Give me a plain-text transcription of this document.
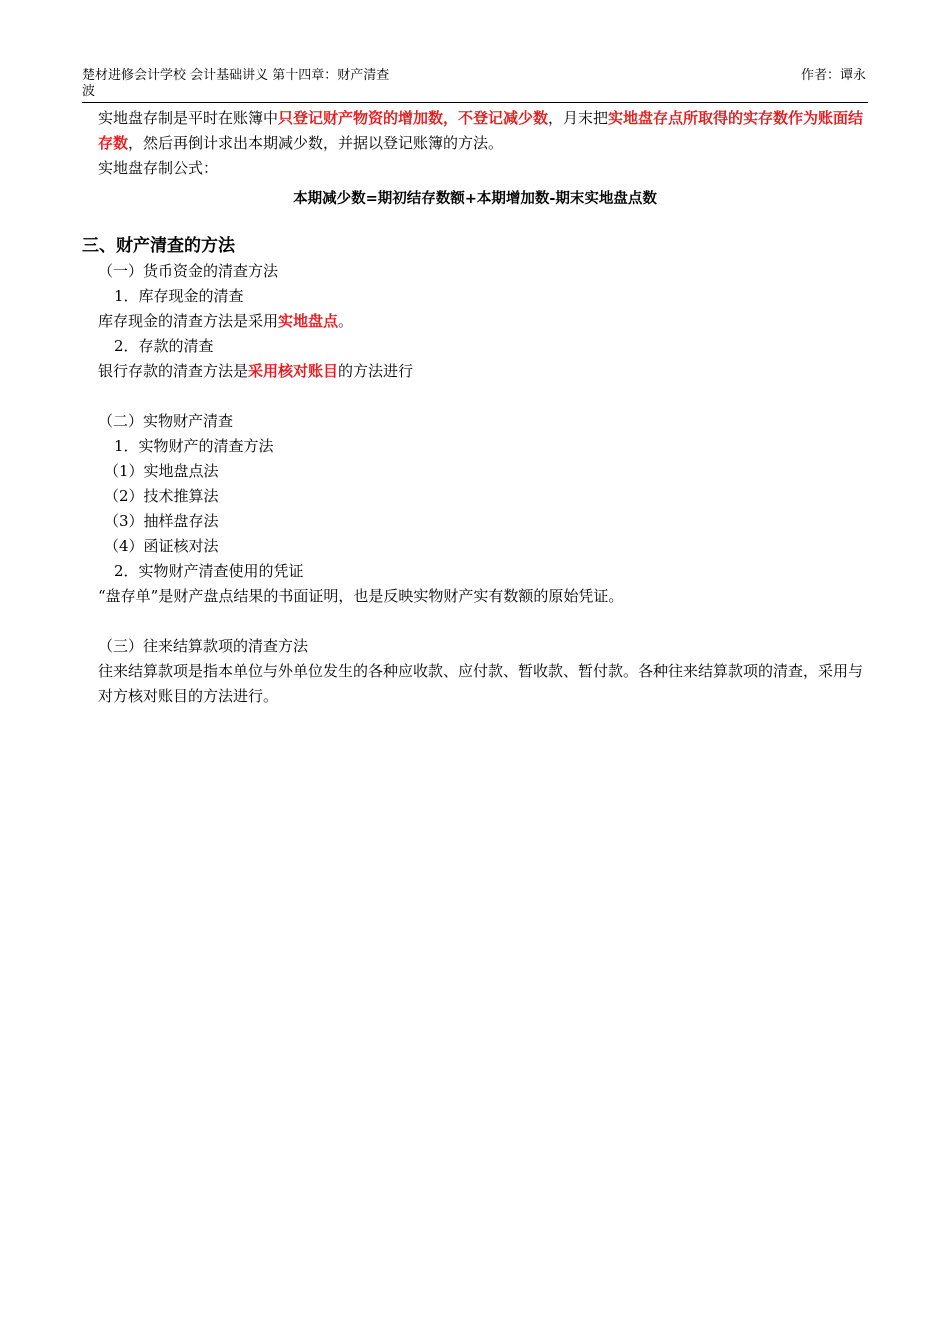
楚材进修会计学校 会计基础讲义 第十四章：财产清查
波
作者：谭永

实地盘存制是平时在账簿中只登记财产物资的增加数，不登记减少数，月末把实地盘存点所取得的实存数作为账面结存数，然后再倒计求出本期减少数，并据以登记账簿的方法。

实地盘存制公式：

本期减少数=期初结存数额+本期增加数-期末实地盘点数

三、财产清查的方法

（一）货币资金的清查方法

1．库存现金的清查

库存现金的清查方法是采用实地盘点。

2．存款的清查

银行存款的清查方法是采用核对账目的方法进行

（二）实物财产清查

1．实物财产的清查方法

（1）实地盘点法

（2）技术推算法

（3）抽样盘存法

（4）函证核对法

2．实物财产清查使用的凭证

“盘存单”是财产盘点结果的书面证明，也是反映实物财产实有数额的原始凭证。

（三）往来结算款项的清查方法

往来结算款项是指本单位与外单位发生的各种应收款、应付款、暂收款、暂付款。各种往来结算款项的清查，采用与对方核对账目的方法进行。
